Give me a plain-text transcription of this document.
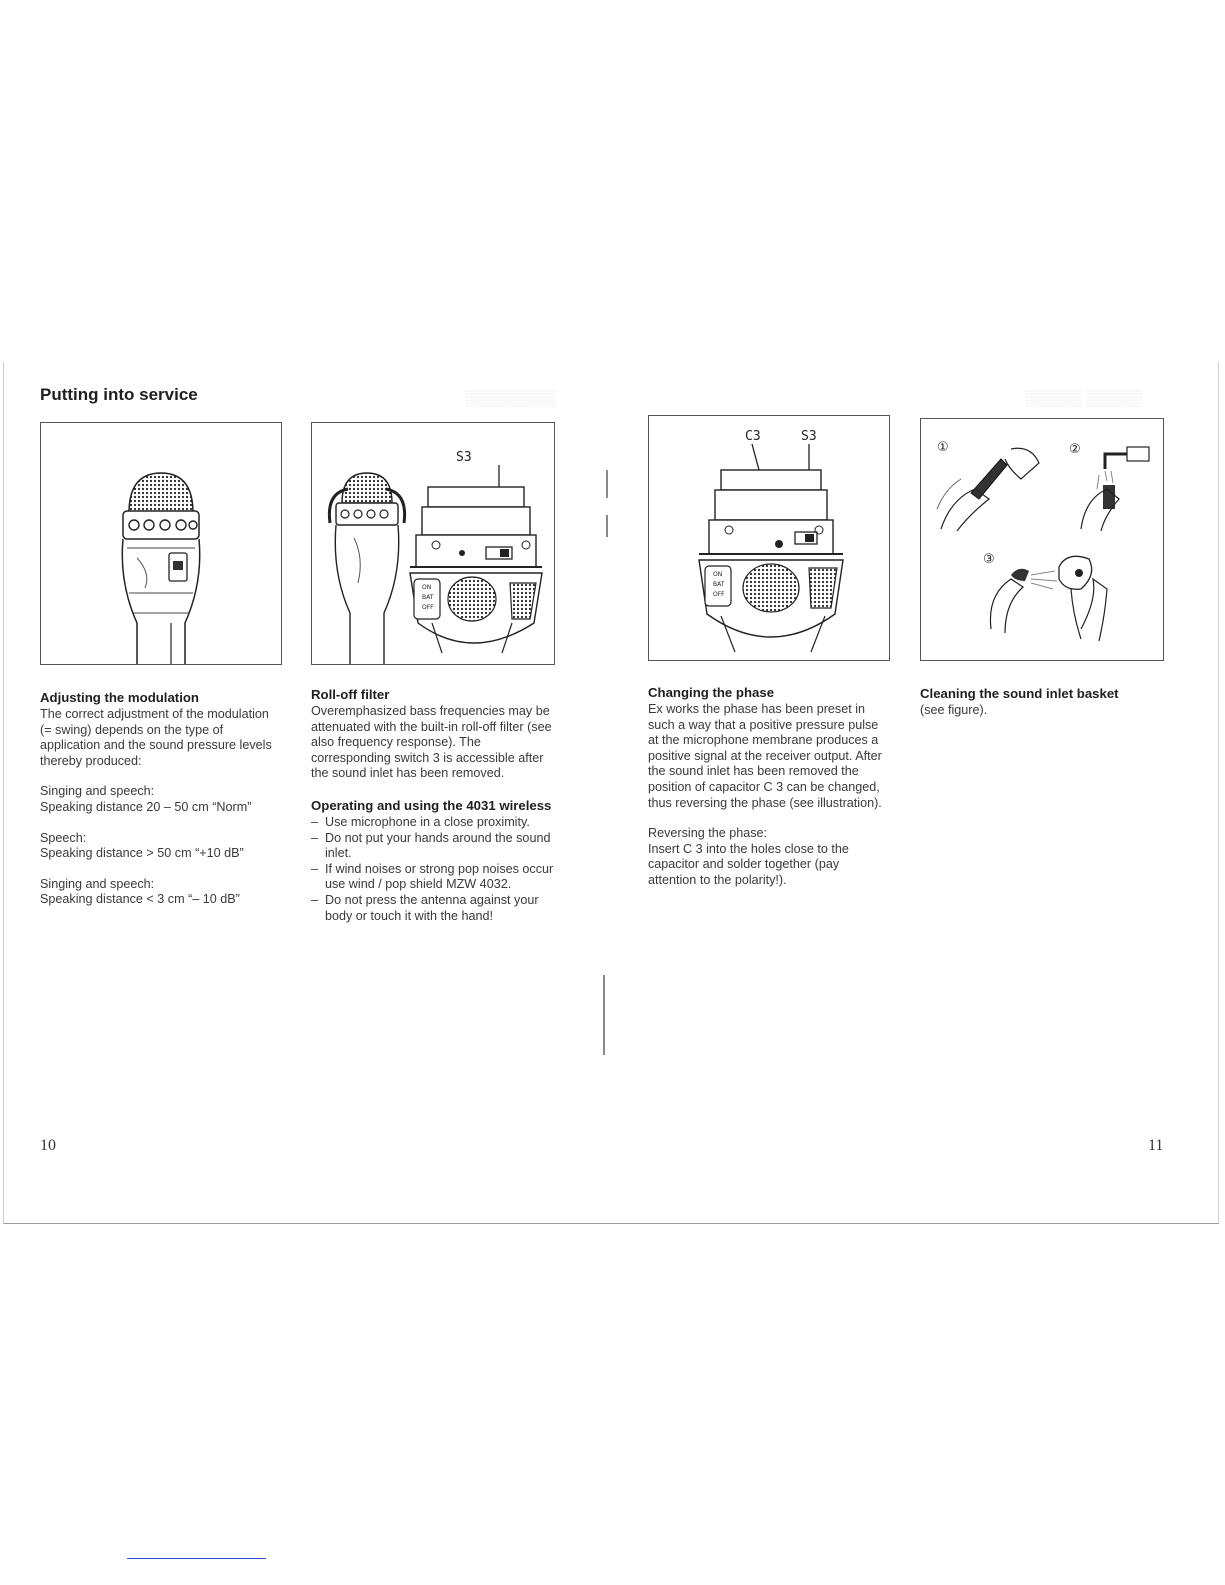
▒▒▒▒▒ ▒▒▒▒▒
▒▒▒▒▒▒▒▒
Putting into service
S3
ON
BAT
OFF
C3	S3
ON
BAT
OFF
①	②
③
Adjusting the modulation

The correct adjustment of the modulation (= swing) depends on the type of application and the sound pressure levels thereby produced:

Singing and speech:

Speaking distance 20 – 50 cm “Norm”

Speech:

Speaking distance > 50 cm “+10 dB”

Singing and speech:

Speaking distance < 3 cm “– 10 dB”

Roll-off filter

Overemphasized bass frequencies may be attenuated with the built-in roll-off filter (see also frequency response). The corresponding switch 3 is accessible after the sound inlet has been removed.

Operating and using the 4031 wireless
– Use microphone in a close proximity.
– Do not put your hands around the sound inlet.
– If wind noises or strong pop noises occur use wind / pop shield MZW 4032.
– Do not press the antenna against your body or touch it with the hand!
Changing the phase

Ex works the phase has been preset in such a way that a positive pressure pulse at the microphone membrane produces a positive signal at the receiver output. After the sound inlet has been removed the position of capacitor C 3 can be changed, thus reversing the phase (see illustration).

Reversing the phase:

Insert C 3 into the holes close to the capacitor and solder together (pay attention to the polarity!).

Cleaning the sound inlet basket

(see figure).

10	11
